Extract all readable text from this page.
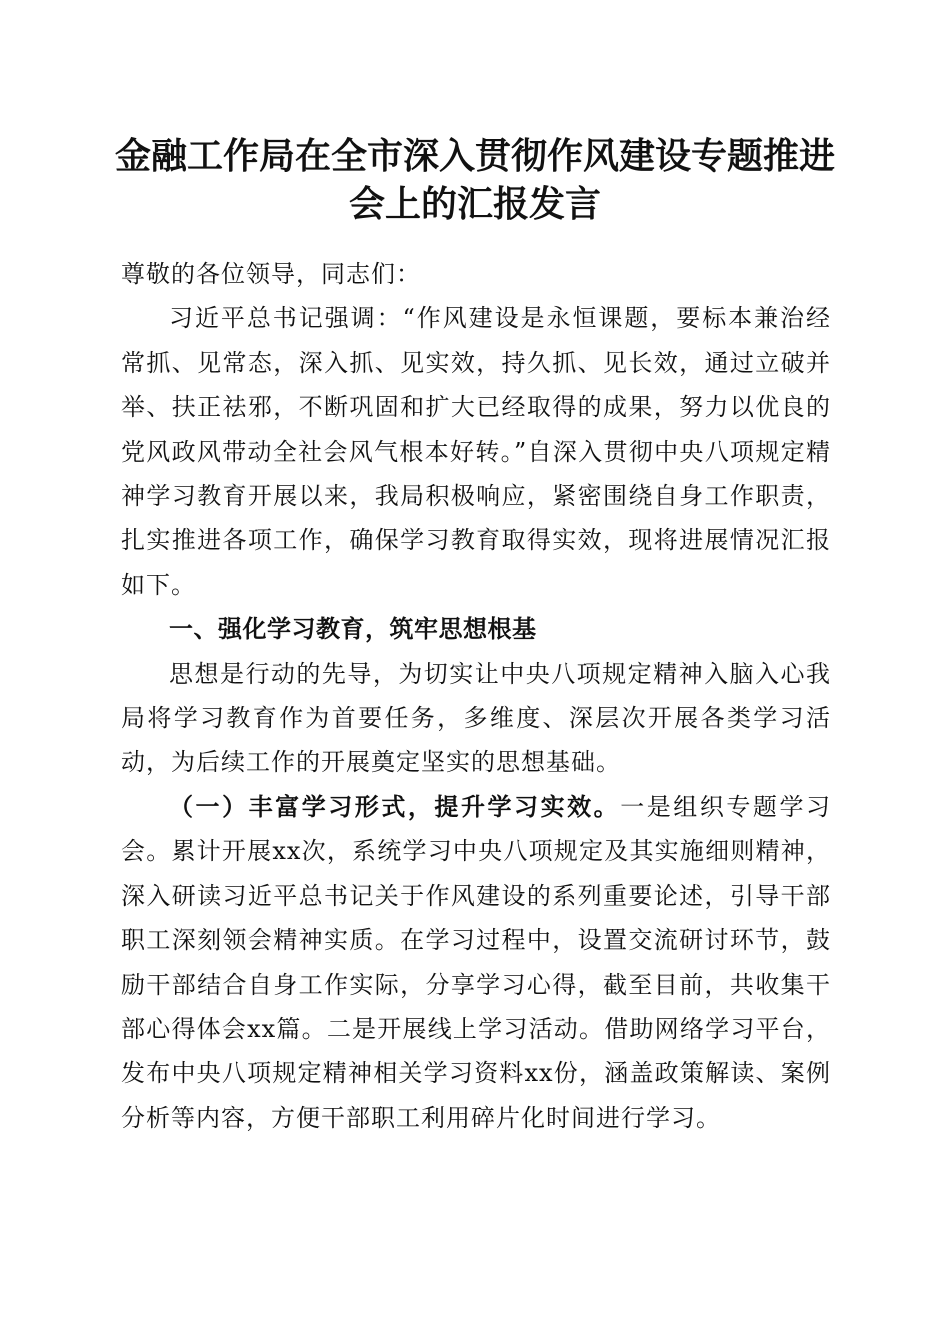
金融工作局在全市深入贯彻作风建设专题推进
会上的汇报发言

尊敬的各位领导，同志们：

习近平总书记强调：“作风建设是永恒课题，要标本兼治经常抓、见常态，深入抓、见实效，持久抓、见长效，通过立破并举、扶正祛邪，不断巩固和扩大已经取得的成果，努力以优良的党风政风带动全社会风气根本好转。”自深入贯彻中央八项规定精神学习教育开展以来，我局积极响应，紧密围绕自身工作职责，扎实推进各项工作，确保学习教育取得实效，现将进展情况汇报如下。

一、强化学习教育，筑牢思想根基

思想是行动的先导，为切实让中央八项规定精神入脑入心我局将学习教育作为首要任务，多维度、深层次开展各类学习活动，为后续工作的开展奠定坚实的思想基础。

（一）丰富学习形式，提升学习实效。一是组织专题学习会。累计开展xx次，系统学习中央八项规定及其实施细则精神，深入研读习近平总书记关于作风建设的系列重要论述，引导干部职工深刻领会精神实质。在学习过程中，设置交流研讨环节，鼓励干部结合自身工作实际，分享学习心得，截至目前，共收集干部心得体会xx篇。二是开展线上学习活动。借助网络学习平台，发布中央八项规定精神相关学习资料xx份，涵盖政策解读、案例分析等内容，方便干部职工利用碎片化时间进行学习。
